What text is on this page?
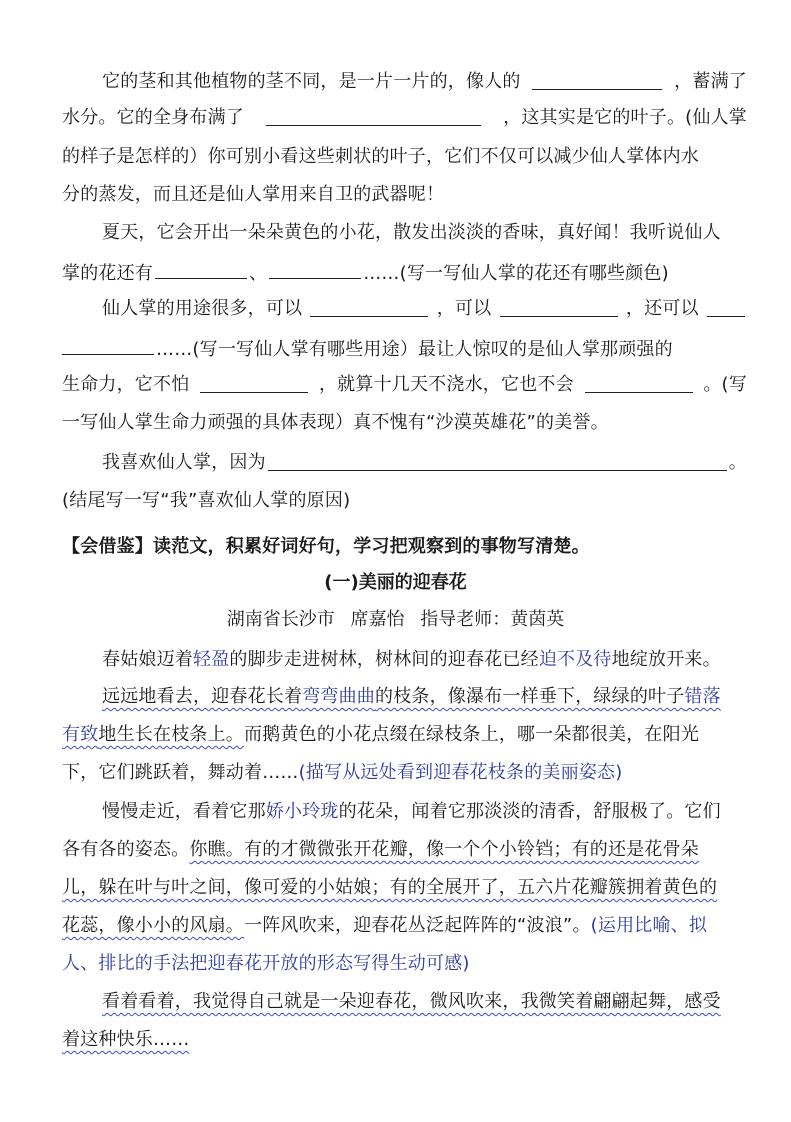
它的茎和其他植物的茎不同，是一片一片的，像人的	，蓄满了
水分。它的全身布满了	，这其实是它的叶子。(仙人掌
的样子是怎样的）你可别小看这些刺状的叶子，它们不仅可以减少仙人掌体内水
分的蒸发，而且还是仙人掌用来自卫的武器呢！
夏天，它会开出一朵朵黄色的小花，散发出淡淡的香味，真好闻！我听说仙人
掌的花还有	、	……(写一写仙人掌的花还有哪些颜色)
仙人掌的用途很多，可以	，可以	，还可以
……(写一写仙人掌有哪些用途）最让人惊叹的是仙人掌那顽强的
生命力，它不怕	，就算十几天不浇水，它也不会	。(写
一写仙人掌生命力顽强的具体表现）真不愧有“沙漠英雄花”的美誉。
我喜欢仙人掌，因为	。
(结尾写一写“我”喜欢仙人掌的原因)
【会借鉴】读范文，积累好词好句，学习把观察到的事物写清楚。
(一)美丽的迎春花
湖南省长沙市 席嘉怡 指导老师：黄茵英
春姑娘迈着轻盈的脚步走进树林，树林间的迎春花已经迫不及待地绽放开来。
远远地看去，迎春花长着弯弯曲曲的枝条，像瀑布一样垂下，绿绿的叶子错落
有致地生长在枝条上。而鹅黄色的小花点缀在绿枝条上，哪一朵都很美，在阳光
下，它们跳跃着，舞动着……(描写从远处看到迎春花枝条的美丽姿态)
慢慢走近，看着它那娇小玲珑的花朵，闻着它那淡淡的清香，舒服极了。它们
各有各的姿态。你瞧。有的才微微张开花瓣，像一个个小铃铛；有的还是花骨朵
儿，躲在叶与叶之间，像可爱的小姑娘；有的全展开了，五六片花瓣簇拥着黄色的
花蕊，像小小的风扇。一阵风吹来，迎春花丛泛起阵阵的“波浪”。(运用比喻、拟
人、排比的手法把迎春花开放的形态写得生动可感)
看着看着，我觉得自己就是一朵迎春花，微风吹来，我微笑着翩翩起舞，感受
着这种快乐……
